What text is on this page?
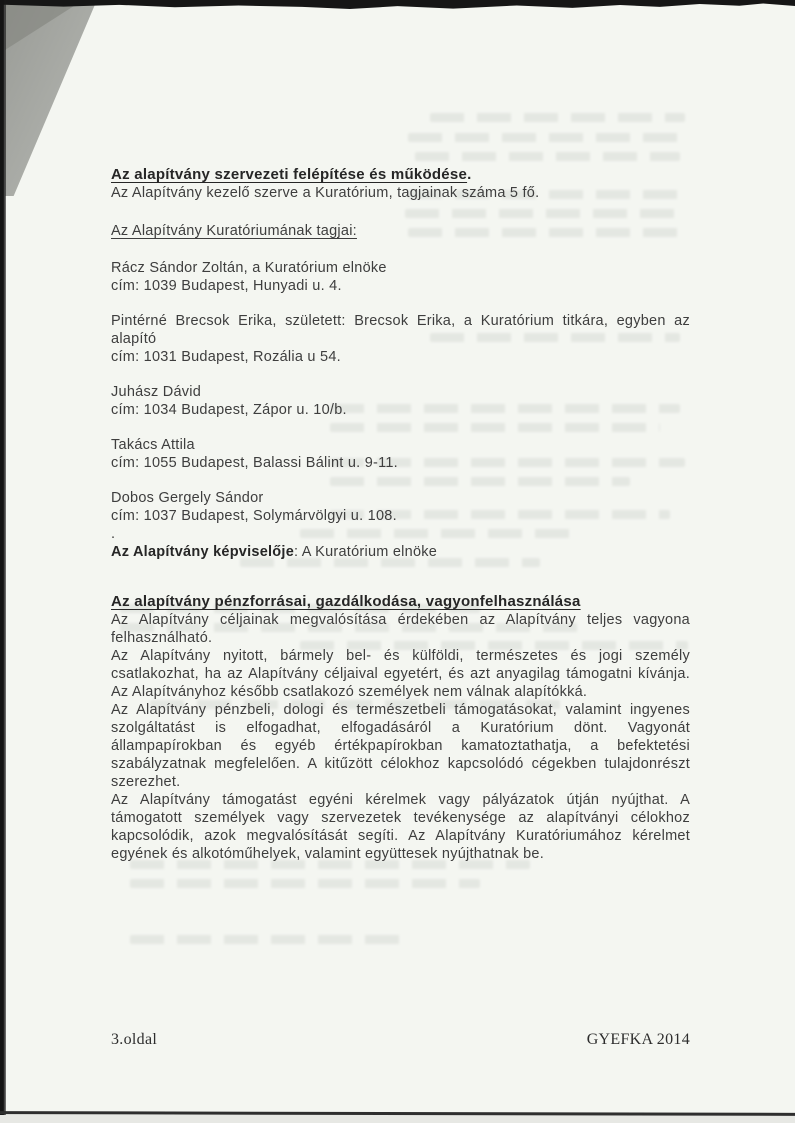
Az alapítvány szervezeti felépítése és működése.

Az Alapítvány kezelő szerve a Kuratórium, tagjainak száma 5 fő.

Az Alapítvány Kuratóriumának tagjai:

Rácz Sándor Zoltán, a Kuratórium elnöke

cím: 1039 Budapest, Hunyadi u. 4.

Pintérné Brecsok Erika, született: Brecsok Erika, a Kuratórium titkára, egyben az alapító

cím: 1031 Budapest, Rozália u 54.

Juhász Dávid

cím: 1034 Budapest, Zápor u. 10/b.

Takács Attila

cím: 1055 Budapest, Balassi Bálint u. 9-11.

Dobos Gergely Sándor

cím: 1037 Budapest, Solymárvölgyi u. 108.

.

Az Alapítvány képviselője: A Kuratórium elnöke

Az alapítvány pénzforrásai, gazdálkodása, vagyonfelhasználása

Az Alapítvány céljainak megvalósítása érdekében az Alapítvány teljes vagyona felhasználható.

Az Alapítvány nyitott, bármely bel- és külföldi, természetes és jogi személy csatlakozhat, ha az Alapítvány céljaival egyetért, és azt anyagilag támogatni kívánja. Az Alapítványhoz később csatlakozó személyek nem válnak alapítókká.

Az Alapítvány pénzbeli, dologi és természetbeli támogatásokat, valamint ingyenes szolgáltatást is elfogadhat, elfogadásáról a Kuratórium dönt. Vagyonát állampapírokban és egyéb értékpapírokban kamatoztathatja, a befektetési szabályzatnak megfelelően. A kitűzött célokhoz kapcsolódó cégekben tulajdonrészt szerezhet.

Az Alapítvány támogatást egyéni kérelmek vagy pályázatok útján nyújthat. A támogatott személyek vagy szervezetek tevékenysége az alapítványi célokhoz kapcsolódik, azok megvalósítását segíti. Az Alapítvány Kuratóriumához kérelmet egyének és alkotóműhelyek, valamint együttesek nyújthatnak be.

3.oldal	GYEFKA 2014
